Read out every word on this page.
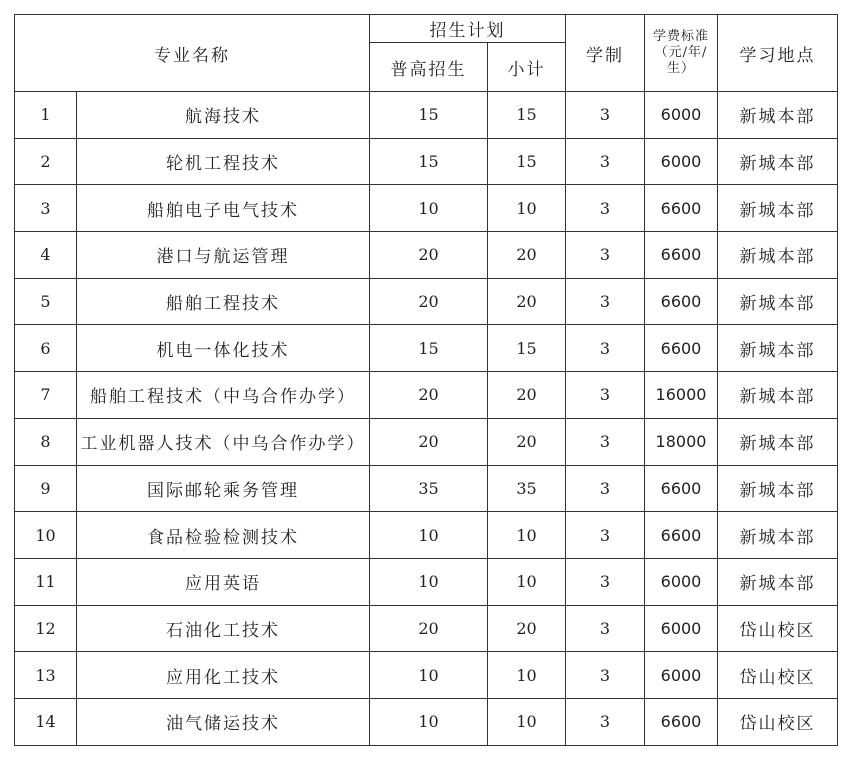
专业名称		招生计划		学制	学费标准（元/年/生）	学习地点
		普高招生	小计			
1	航海技术	15	15	3	6000	新城本部
2	轮机工程技术	15	15	3	6000	新城本部
3	船舶电子电气技术	10	10	3	6600	新城本部
4	港口与航运管理	20	20	3	6600	新城本部
5	船舶工程技术	20	20	3	6600	新城本部
6	机电一体化技术	15	15	3	6600	新城本部
7	船舶工程技术（中乌合作办学）	20	20	3	16000	新城本部
8	工业机器人技术（中乌合作办学）	20	20	3	18000	新城本部
9	国际邮轮乘务管理	35	35	3	6600	新城本部
10	食品检验检测技术	10	10	3	6600	新城本部
11	应用英语	10	10	3	6000	新城本部
12	石油化工技术	20	20	3	6000	岱山校区
13	应用化工技术	10	10	3	6000	岱山校区
14	油气储运技术	10	10	3	6600	岱山校区
